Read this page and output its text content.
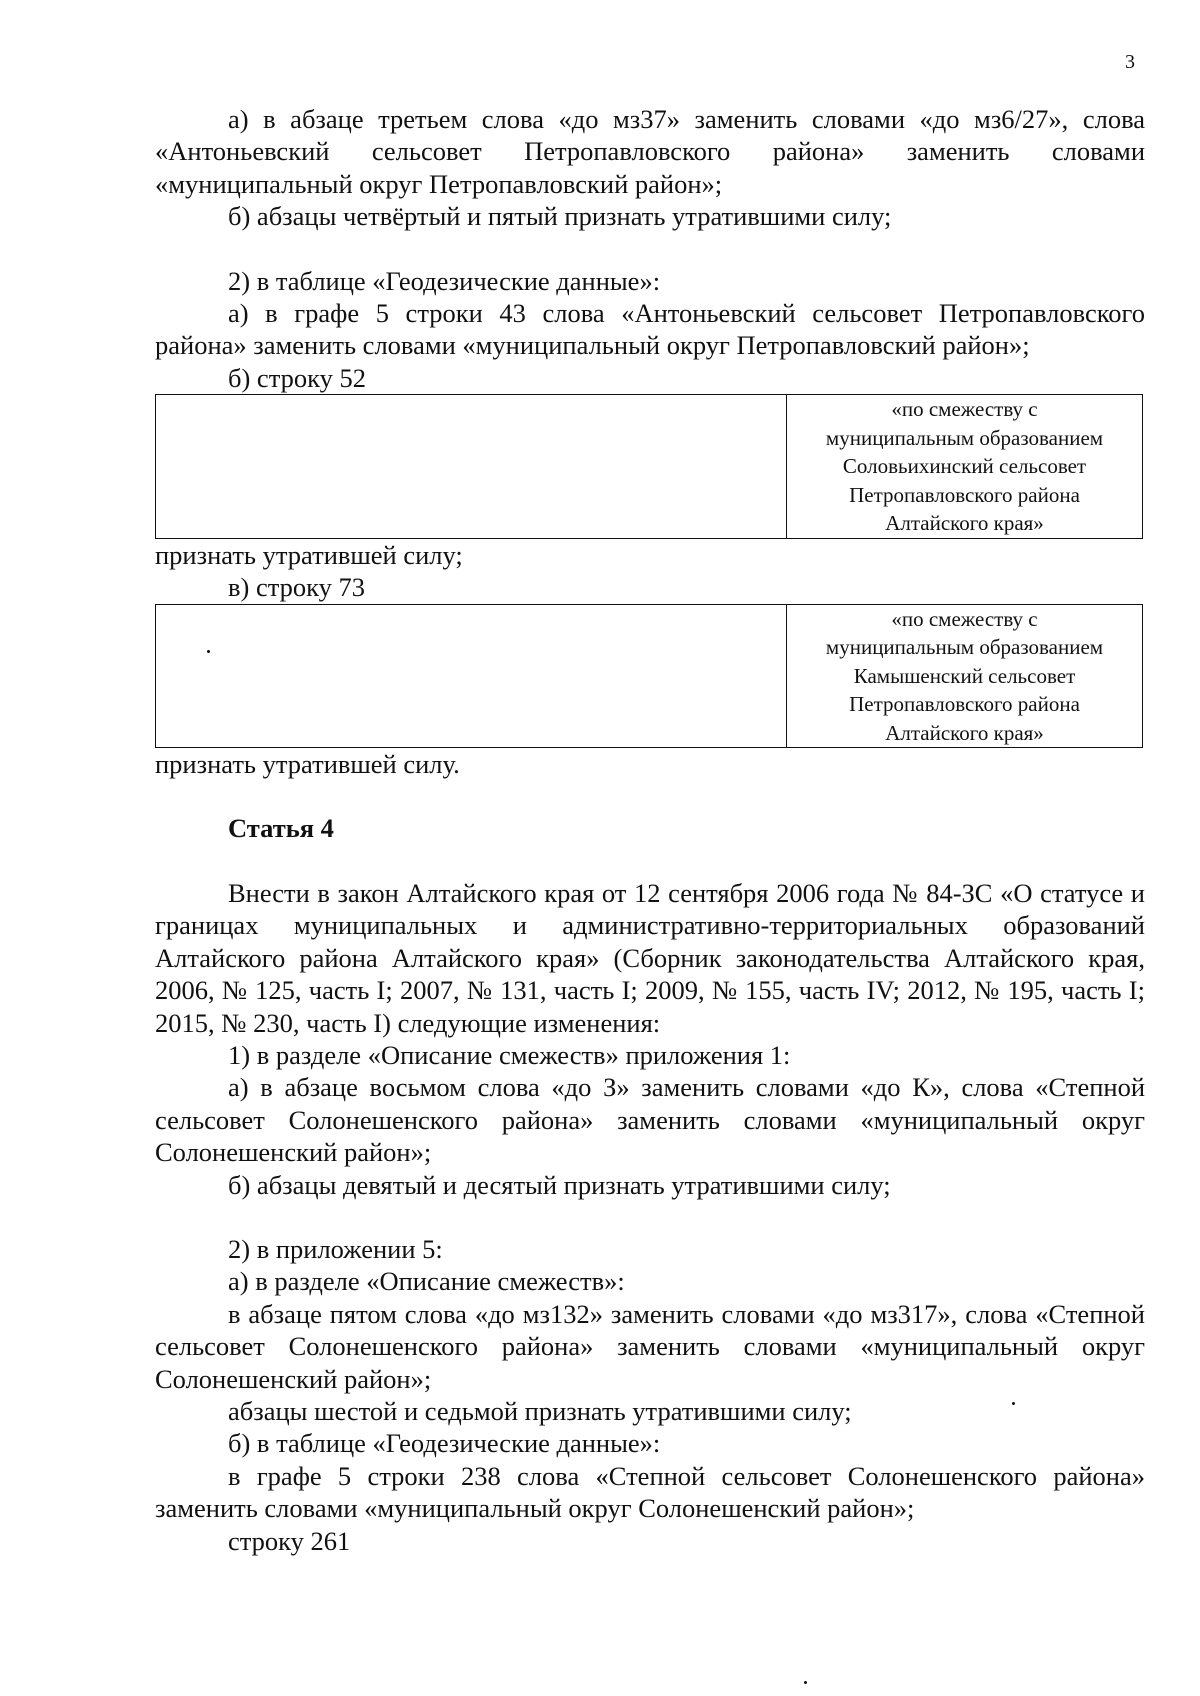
3

а) в абзаце третьем слова «до мз37» заменить словами «до мз6/27», слова «Антоньевский сельсовет Петропавловского района» заменить словами «муниципальный округ Петропавловский район»;

б) абзацы четвёртый и пятый признать утратившими силу;

2) в таблице «Геодезические данные»:

а) в графе 5 строки 43 слова «Антоньевский сельсовет Петропавловского района» заменить словами «муниципальный округ Петропавловский район»;

б) строку 52

«по смежеству с
муниципальным образованием
Соловьихинский сельсовет
Петропавловского района
Алтайского края»

признать утратившей силу;

в) строку 73

«по смежеству с
муниципальным образованием
Камышенский сельсовет
Петропавловского района
Алтайского края»

признать утратившей силу.

Статья 4

Внести в закон Алтайского края от 12 сентября 2006 года № 84-ЗС «О статусе и границах муниципальных и административно-территориальных образований Алтайского района Алтайского края» (Сборник законодательства Алтайского края, 2006, № 125, часть I; 2007, № 131, часть I; 2009, № 155, часть IV; 2012, № 195, часть I; 2015, № 230, часть I) следующие изменения:

1) в разделе «Описание смежеств» приложения 1:

а) в абзаце восьмом слова «до З» заменить словами «до К», слова «Степной сельсовет Солонешенского района» заменить словами «муниципальный округ Солонешенский район»;

б) абзацы девятый и десятый признать утратившими силу;

2) в приложении 5:

а) в разделе «Описание смежеств»:

в абзаце пятом слова «до мз132» заменить словами «до мз317», слова «Степной сельсовет Солонешенского района» заменить словами «муниципальный округ Солонешенский район»;

абзацы шестой и седьмой признать утратившими силу;

б) в таблице «Геодезические данные»:

в графе 5 строки 238 слова «Степной сельсовет Солонешенского района» заменить словами «муниципальный округ Солонешенский район»;

строку 261
